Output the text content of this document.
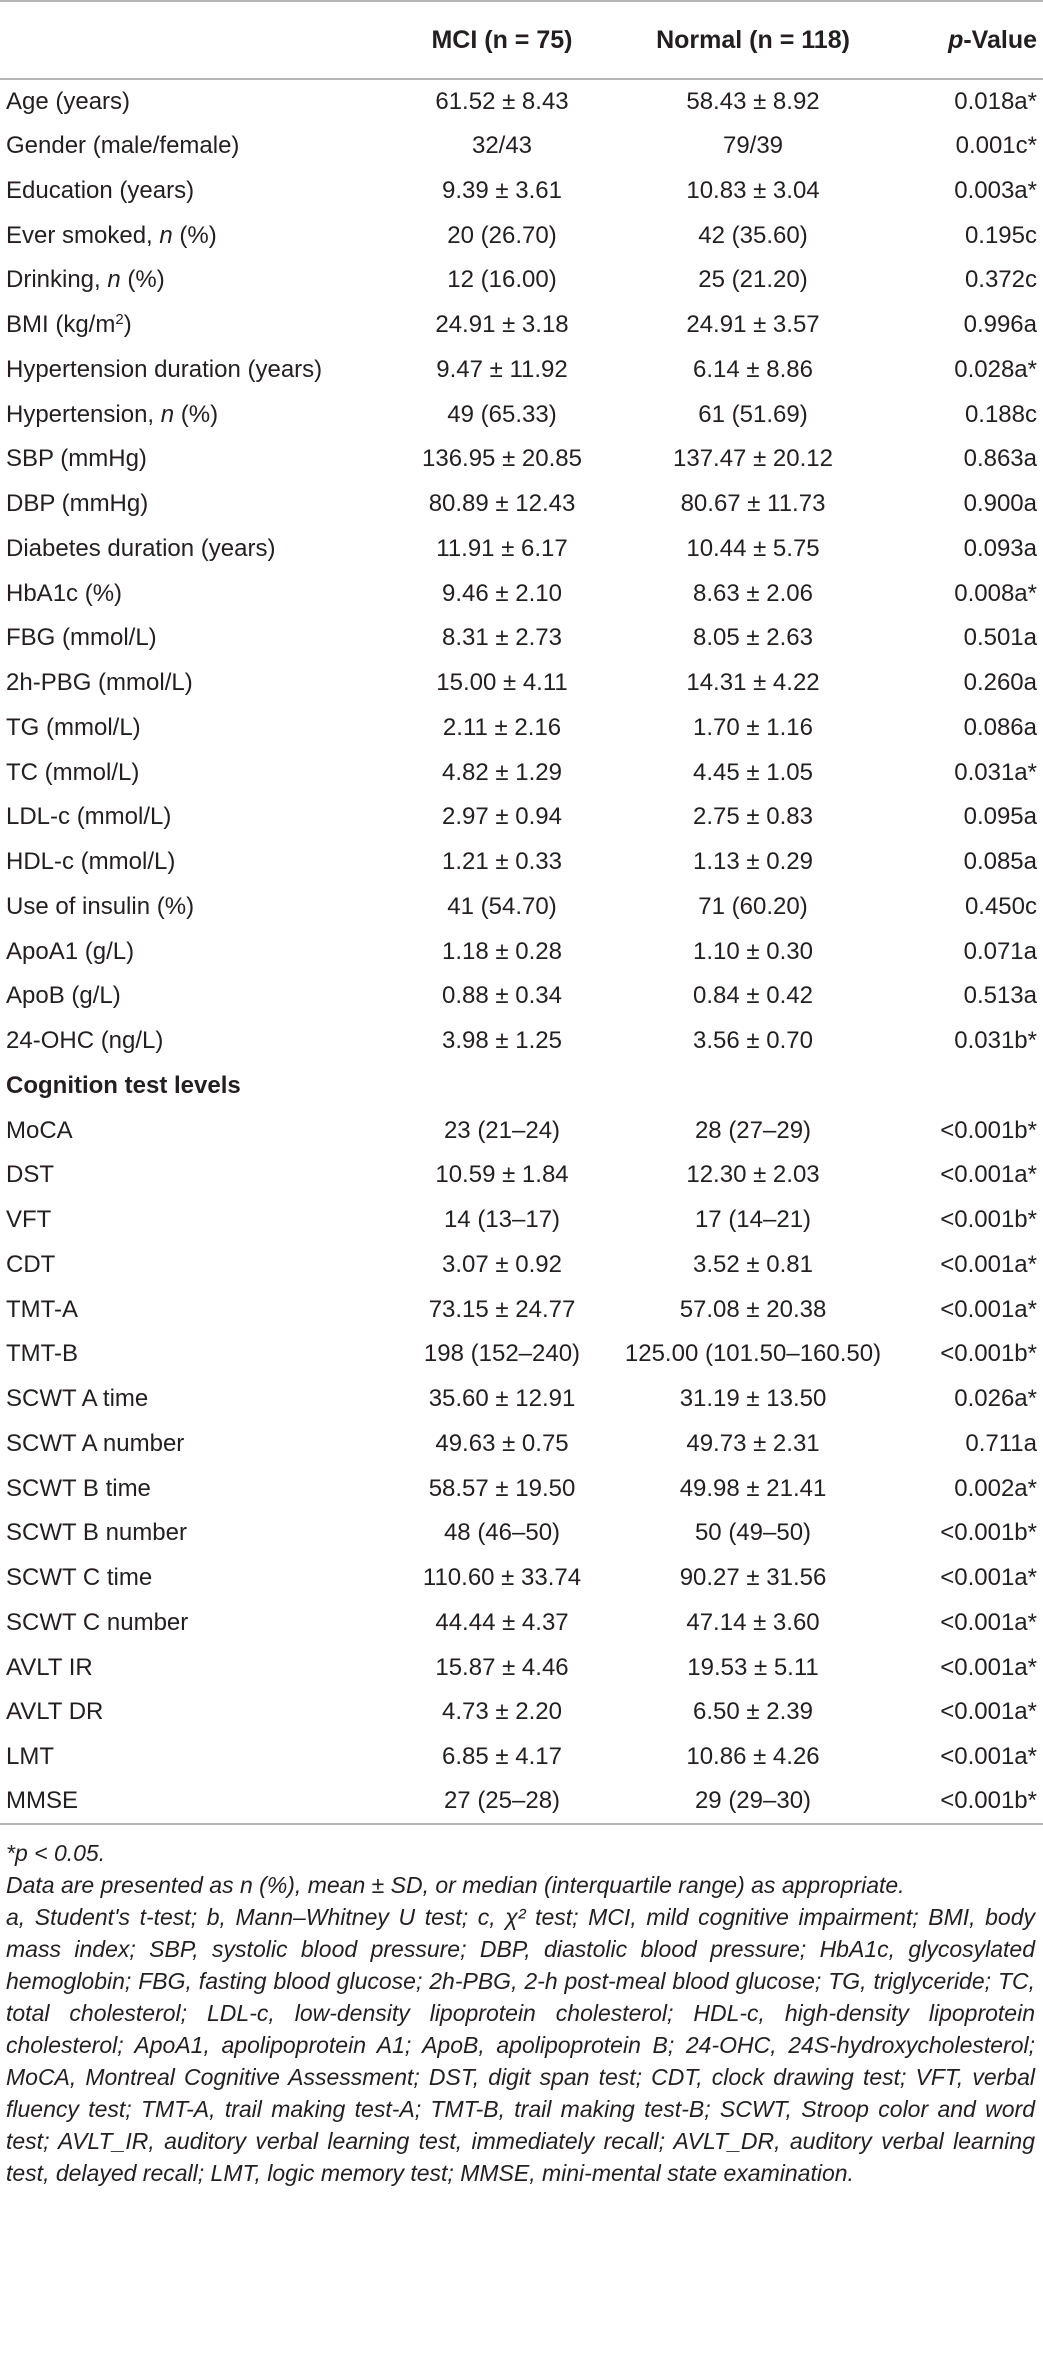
	MCI (n = 75)	Normal (n = 118)	p-Value
Age (years)	61.52 ± 8.43	58.43 ± 8.92	0.018a*
Gender (male/female)	32/43	79/39	0.001c*
Education (years)	9.39 ± 3.61	10.83 ± 3.04	0.003a*
Ever smoked, n (%)	20 (26.70)	42 (35.60)	0.195c
Drinking, n (%)	12 (16.00)	25 (21.20)	0.372c
BMI $(kg/m^2)$	24.91 ± 3.18	24.91 ± 3.57	0.996a
Hypertension duration (years)	9.47 ± 11.92	6.14 ± 8.86	0.028a*
Hypertension, n (%)	49 (65.33)	61 (51.69)	0.188c
SBP (mmHg)	136.95 ± 20.85	137.47 ± 20.12	0.863a
DBP (mmHg)	80.89 ± 12.43	80.67 ± 11.73	0.900a
Diabetes duration (years)	11.91 ± 6.17	10.44 ± 5.75	0.093a
HbA1c (%)	9.46 ± 2.10	8.63 ± 2.06	0.008a*
FBG (mmol/L)	8.31 ± 2.73	8.05 ± 2.63	0.501a
2h-PBG (mmol/L)	15.00 ± 4.11	14.31 ± 4.22	0.260a
TG (mmol/L)	2.11 ± 2.16	1.70 ± 1.16	0.086a
TC (mmol/L)	4.82 ± 1.29	4.45 ± 1.05	0.031a*
LDL-c (mmol/L)	2.97 ± 0.94	2.75 ± 0.83	0.095a
HDL-c (mmol/L)	1.21 ± 0.33	1.13 ± 0.29	0.085a
Use of insulin (%)	41 (54.70)	71 (60.20)	0.450c
ApoA1 (g/L)	1.18 ± 0.28	1.10 ± 0.30	0.071a
ApoB (g/L)	0.88 ± 0.34	0.84 ± 0.42	0.513a
24-OHC (ng/L)	3.98 ± 1.25	3.56 ± 0.70	0.031b*
Cognition test levels			
MoCA	23 (21–24)	28 (27–29)	<0.001b*
DST	10.59 ± 1.84	12.30 ± 2.03	<0.001a*
VFT	14 (13–17)	17 (14–21)	<0.001b*
CDT	3.07 ± 0.92	3.52 ± 0.81	<0.001a*
TMT-A	73.15 ± 24.77	57.08 ± 20.38	<0.001a*
TMT-B	198 (152–240)	125.00 (101.50–160.50)	<0.001b*
SCWT A time	35.60 ± 12.91	31.19 ± 13.50	0.026a*
SCWT A number	49.63 ± 0.75	49.73 ± 2.31	0.711a
SCWT B time	58.57 ± 19.50	49.98 ± 21.41	0.002a*
SCWT B number	48 (46–50)	50 (49–50)	<0.001b*
SCWT C time	110.60 ± 33.74	90.27 ± 31.56	<0.001a*
SCWT C number	44.44 ± 4.37	47.14 ± 3.60	<0.001a*
AVLT IR	15.87 ± 4.46	19.53 ± 5.11	<0.001a*
AVLT DR	4.73 ± 2.20	6.50 ± 2.39	<0.001a*
LMT	6.85 ± 4.17	10.86 ± 4.26	<0.001a*
MMSE	27 (25–28)	29 (29–30)	<0.001b*

*p < 0.05.

Data are presented as n (%), mean ± SD, or median (interquartile range) as appropriate.

a, Student's t-test; b, Mann–Whitney U test; c, χ² test; MCI, mild cognitive impairment; BMI, body mass index; SBP, systolic blood pressure; DBP, diastolic blood pressure; HbA1c, glycosylated hemoglobin; FBG, fasting blood glucose; 2h-PBG, 2-h post-meal blood glucose; TG, triglyceride; TC, total cholesterol; LDL-c, low-density lipoprotein cholesterol; HDL-c, high-density lipoprotein cholesterol; ApoA1, apolipoprotein A1; ApoB, apolipoprotein B; 24-OHC, 24S-hydroxycholesterol; MoCA, Montreal Cognitive Assessment; DST, digit span test; CDT, clock drawing test; VFT, verbal fluency test; TMT-A, trail making test-A; TMT-B, trail making test-B; SCWT, Stroop color and word test; AVLT_IR, auditory verbal learning test, immediately recall; AVLT_DR, auditory verbal learning test, delayed recall; LMT, logic memory test; MMSE, mini-mental state examination.
